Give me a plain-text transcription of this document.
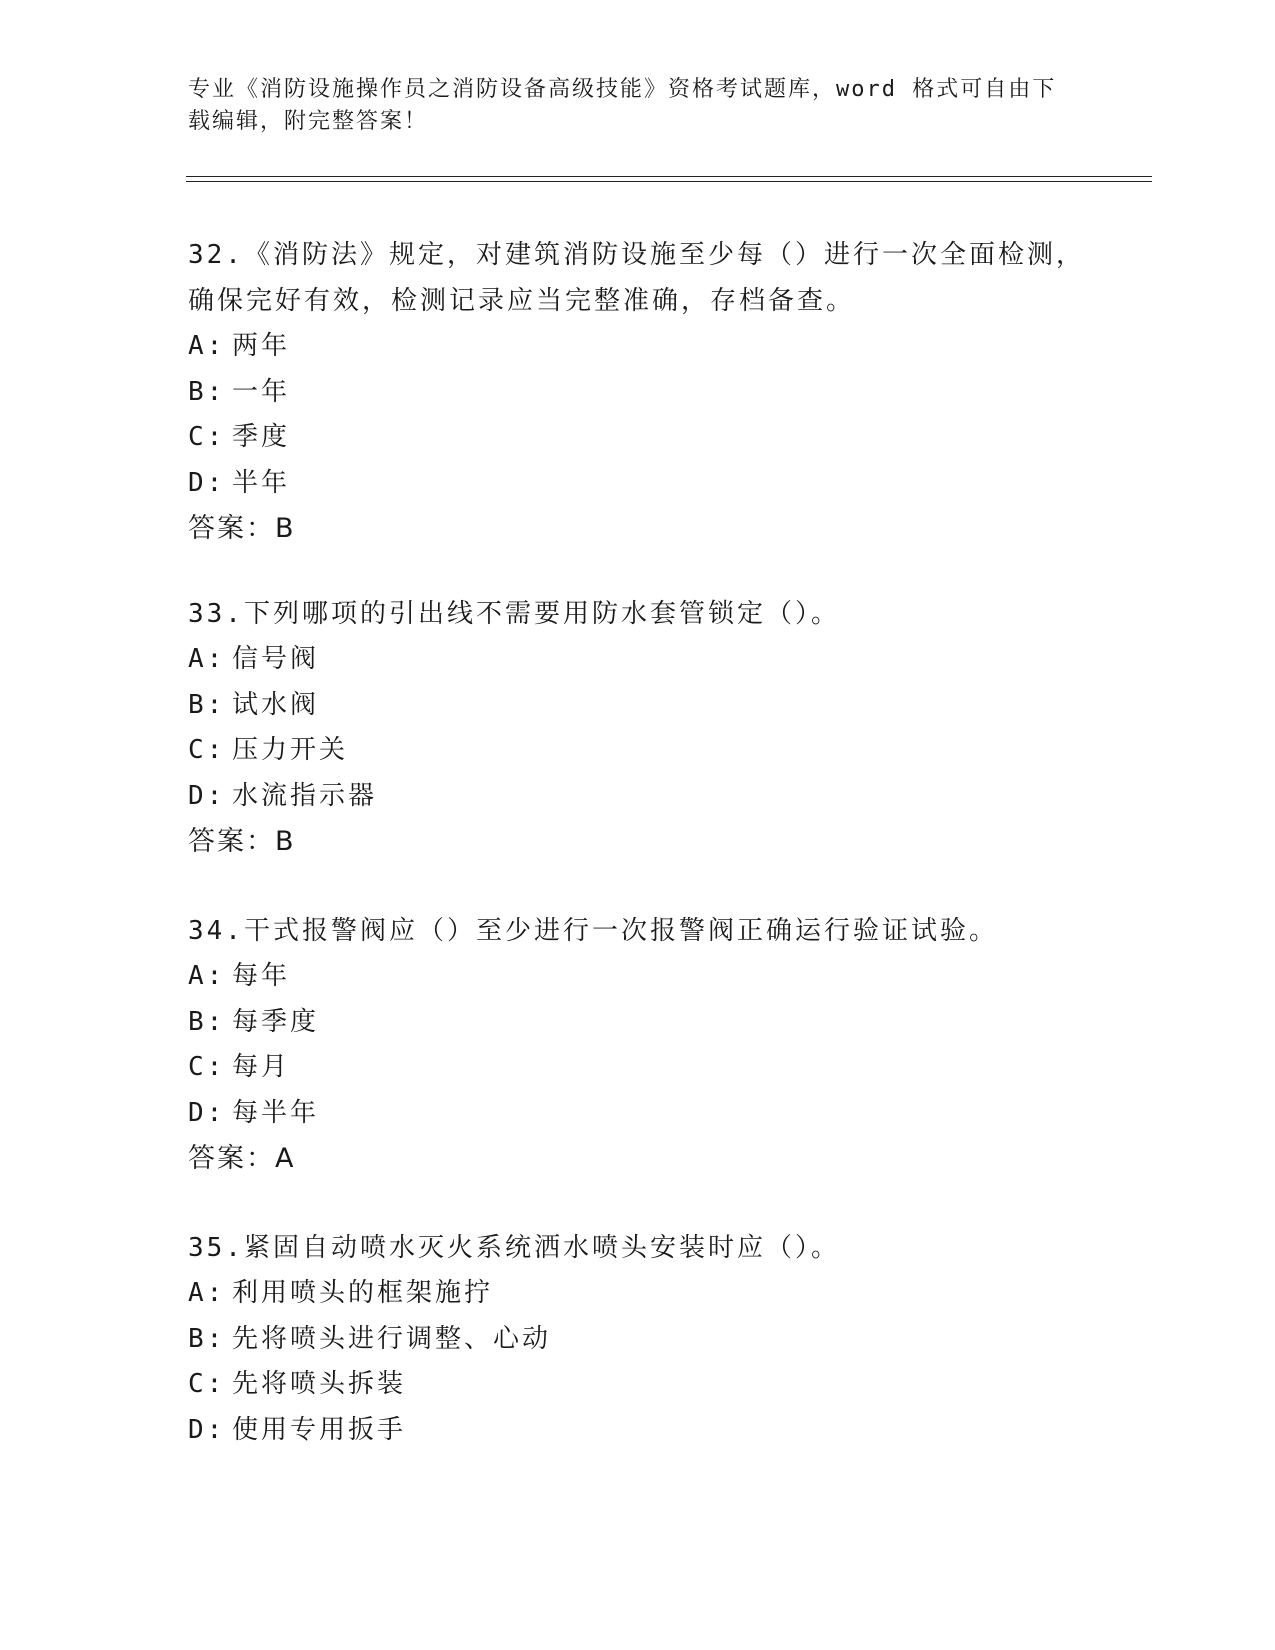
专业《消防设施操作员之消防设备高级技能》资格考试题库，word 格式可自由下
载编辑，附完整答案！

32.《消防法》规定，对建筑消防设施至少每（）进行一次全面检测，

确保完好有效，检测记录应当完整准确，存档备查。

A: 两年

B: 一年

C: 季度

D: 半年

答案：B

33.下列哪项的引出线不需要用防水套管锁定（）。

A: 信号阀

B: 试水阀

C: 压力开关

D: 水流指示器

答案：B

34.干式报警阀应（）至少进行一次报警阀正确运行验证试验。

A: 每年

B: 每季度

C: 每月

D: 每半年

答案：A

35.紧固自动喷水灭火系统洒水喷头安装时应（）。

A: 利用喷头的框架施拧

B: 先将喷头进行调整、心动

C: 先将喷头拆装

D: 使用专用扳手
